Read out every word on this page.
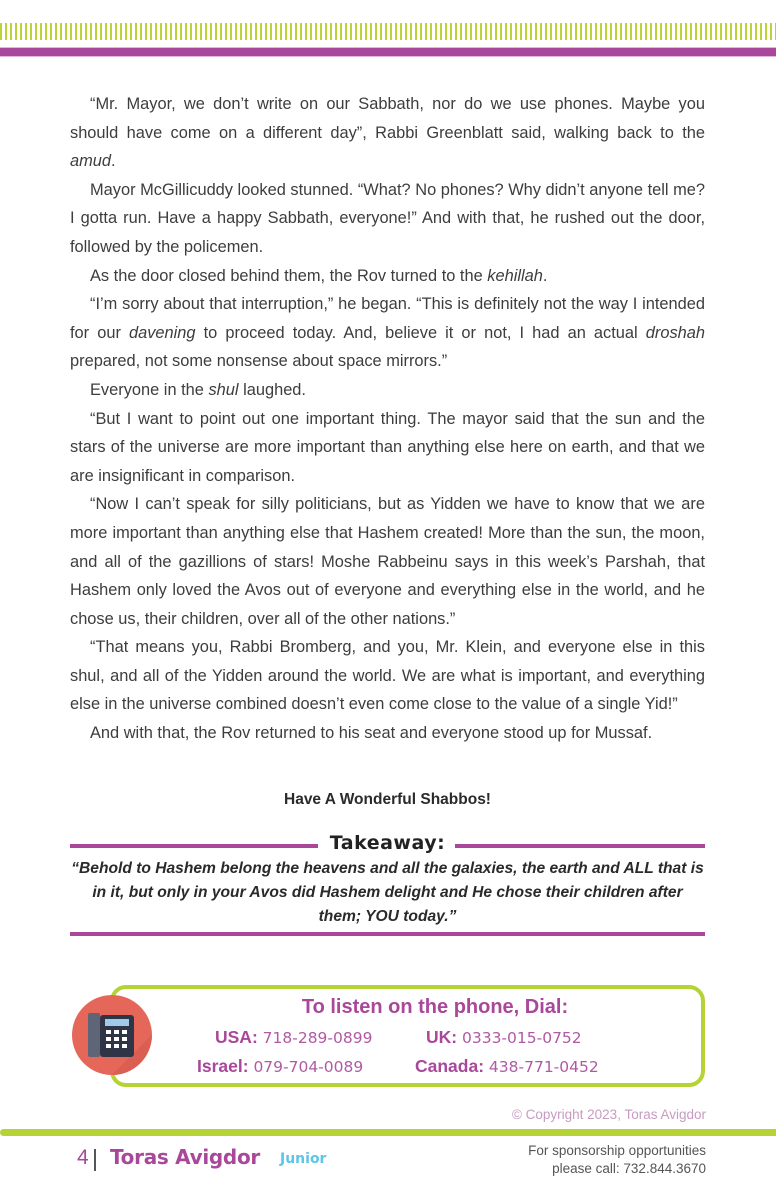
“Mr. Mayor, we don’t write on our Sabbath, nor do we use phones. Maybe you should have come on a different day”, Rabbi Greenblatt said, walking back to the amud.

Mayor McGillicuddy looked stunned. “What? No phones? Why didn’t anyone tell me? I gotta run. Have a happy Sabbath, everyone!” And with that, he rushed out the door, followed by the policemen.

As the door closed behind them, the Rov turned to the kehillah.

“I’m sorry about that interruption,” he began. “This is definitely not the way I intended for our davening to proceed today. And, believe it or not, I had an actual droshah prepared, not some nonsense about space mirrors.”

Everyone in the shul laughed.

“But I want to point out one important thing. The mayor said that the sun and the stars of the universe are more important than anything else here on earth, and that we are insignificant in comparison.

“Now I can’t speak for silly politicians, but as Yidden we have to know that we are more important than anything else that Hashem created! More than the sun, the moon, and all of the gazillions of stars! Moshe Rabbeinu says in this week’s Parshah, that Hashem only loved the Avos out of everyone and everything else in the world, and he chose us, their children, over all of the other nations.”

“That means you, Rabbi Bromberg, and you, Mr. Klein, and everyone else in this shul, and all of the Yidden around the world. We are what is important, and everything else in the universe combined doesn’t even come close to the value of a single Yid!”

And with that, the Rov returned to his seat and everyone stood up for Mussaf.

Have A Wonderful Shabbos!
Takeaway:
“Behold to Hashem belong the heavens and all the galaxies, the earth and ALL that is in it, but only in your Avos did Hashem delight and He chose their children after them; YOU today.”
To listen on the phone, Dial:
USA: 718-289-0899	UK: 0333-015-0752
Israel: 079-704-0089	Canada: 438-771-0452
© Copyright 2023, Toras Avigdor
4 Toras Avigdor Junior
For sponsorship opportunities
please call: 732.844.3670
